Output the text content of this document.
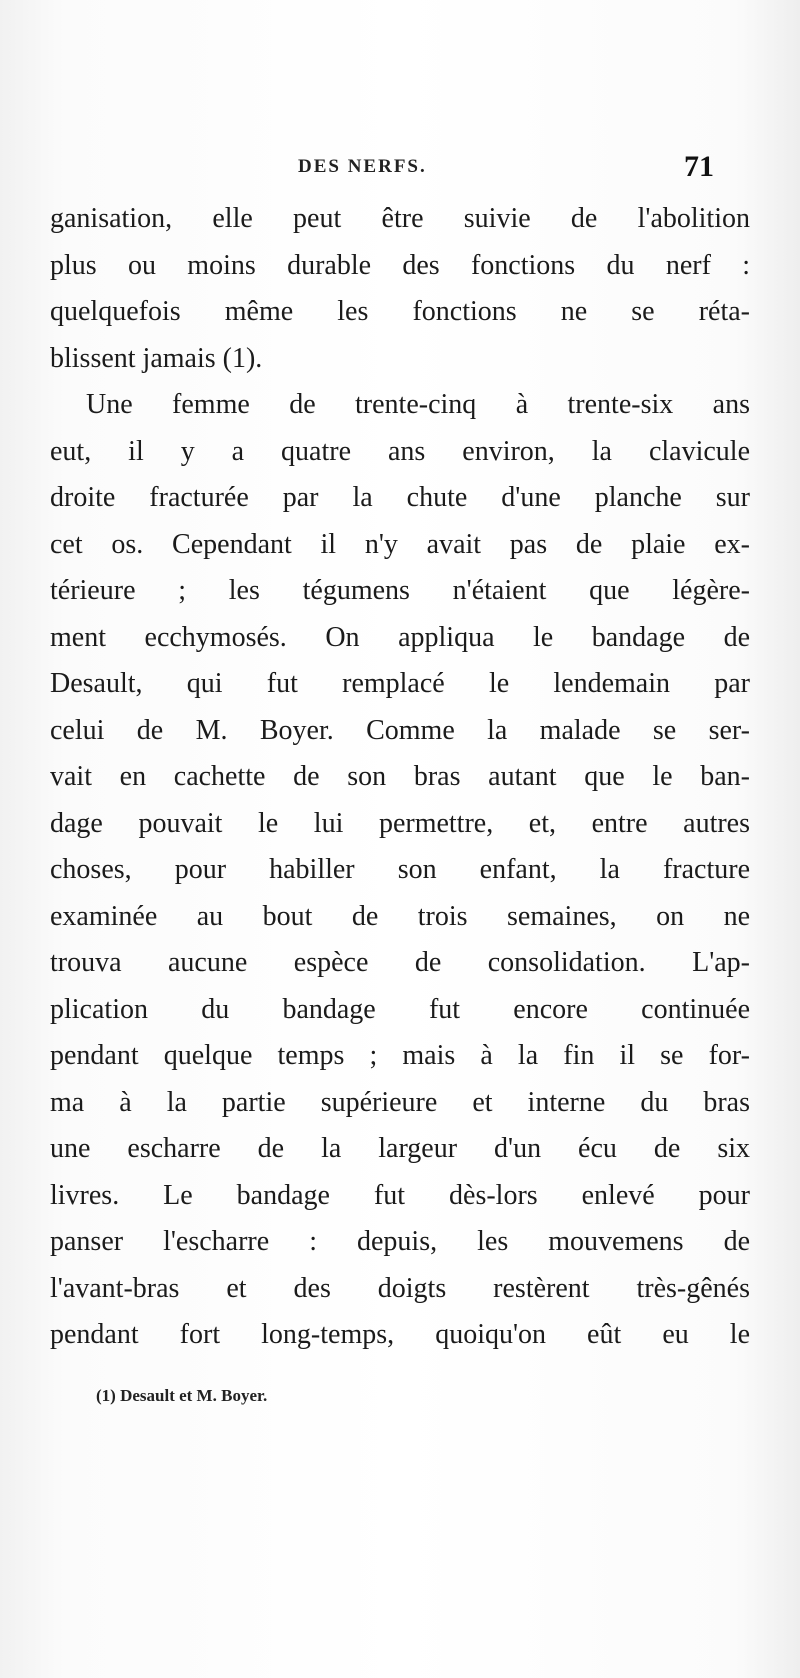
DES NERFS.	71
ganisation, elle peut être suivie de l'abolition
plus ou moins durable des fonctions du nerf :
quelquefois même les fonctions ne se réta-
blissent jamais (1).
Une femme de trente-cinq à trente-six ans
eut, il y a quatre ans environ, la clavicule
droite fracturée par la chute d'une planche sur
cet os. Cependant il n'y avait pas de plaie ex-
térieure ; les tégumens n'étaient que légère-
ment ecchymosés. On appliqua le bandage de
Desault, qui fut remplacé le lendemain par
celui de M. Boyer. Comme la malade se ser-
vait en cachette de son bras autant que le ban-
dage pouvait le lui permettre, et, entre autres
choses, pour habiller son enfant, la fracture
examinée au bout de trois semaines, on ne
trouva aucune espèce de consolidation. L'ap-
plication du bandage fut encore continuée
pendant quelque temps ; mais à la fin il se for-
ma à la partie supérieure et interne du bras
une escharre de la largeur d'un écu de six
livres. Le bandage fut dès-lors enlevé pour
panser l'escharre : depuis, les mouvemens de
l'avant-bras et des doigts restèrent très-gênés
pendant fort long-temps, quoiqu'on eût eu le
(1) Desault et M. Boyer.
